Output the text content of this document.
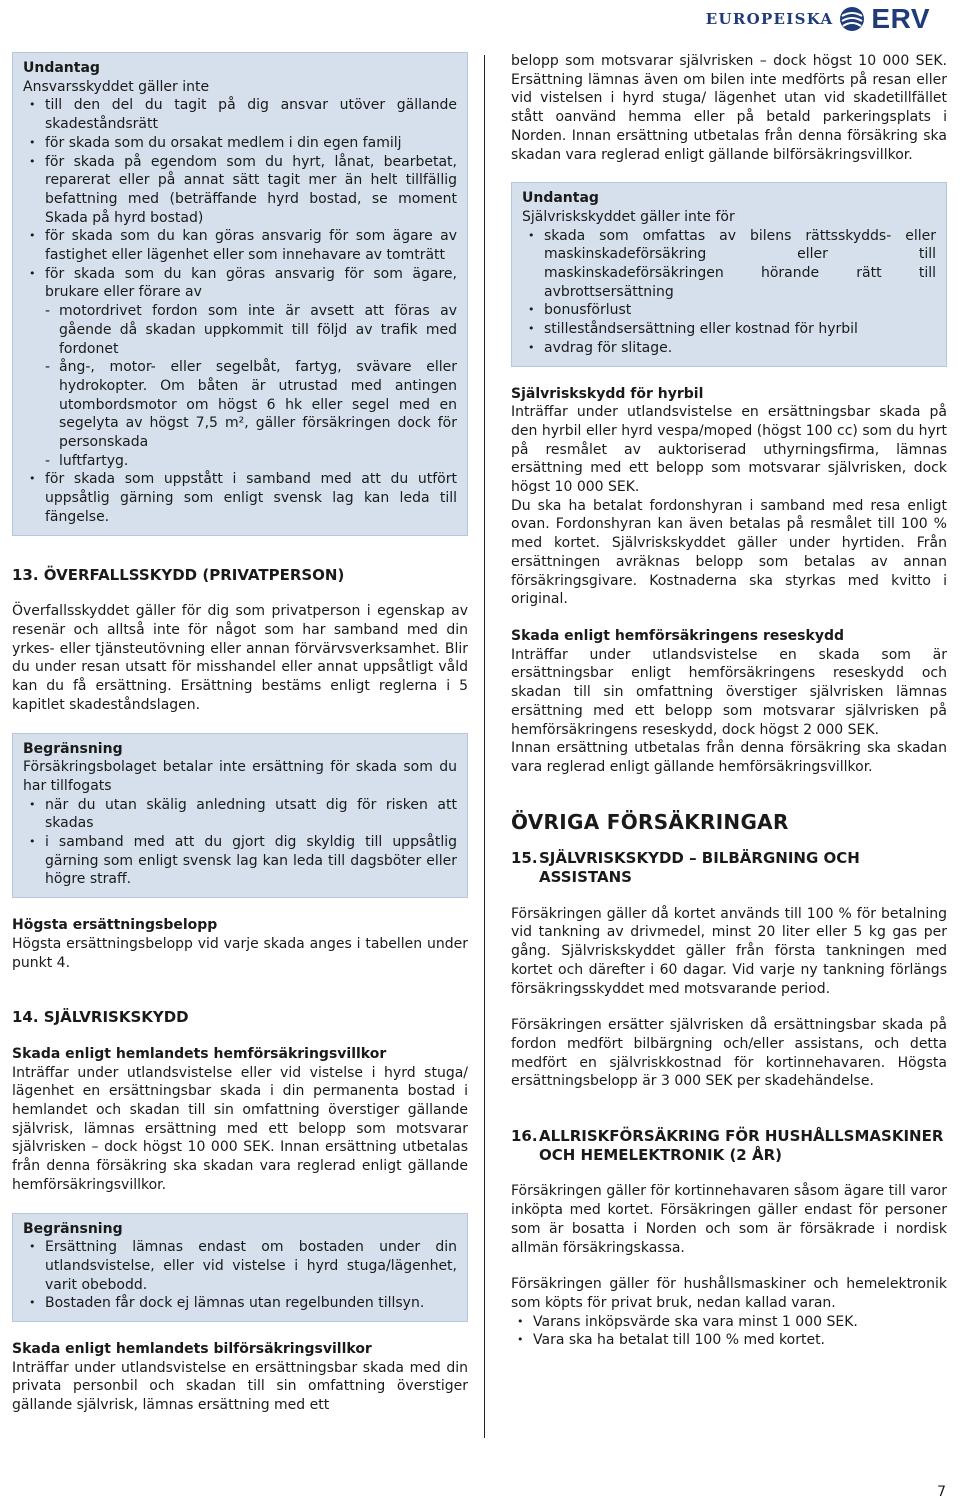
EUROPEISKA ERV
Undantag
Ansvarsskyddet gäller inte
• till den del du tagit på dig ansvar utöver gällande skadeståndsrätt
• för skada som du orsakat medlem i din egen familj
• för skada på egendom som du hyrt, lånat, bearbetat, reparerat eller på annat sätt tagit mer än helt tillfällig befattning med (beträffande hyrd bostad, se moment Skada på hyrd bostad)
• för skada som du kan göras ansvarig för som ägare av fastighet eller lägenhet eller som innehavare av tomträtt
• för skada som du kan göras ansvarig för som ägare, brukare eller förare av
- motordrivet fordon som inte är avsett att föras av gående då skadan uppkommit till följd av trafik med fordonet
- ång-, motor- eller segelbåt, fartyg, svävare eller hydrokopter. Om båten är utrustad med antingen utombordsmotor om högst 6 hk eller segel med en segelyta av högst 7,5 m², gäller försäkringen dock för personskada
- luftfartyg.
• för skada som uppstått i samband med att du utfört uppsåtlig gärning som enligt svensk lag kan leda till fängelse.
13. ÖVERFALLSSKYDD (PRIVATPERSON)

Överfallsskyddet gäller för dig som privatperson i egenskap av resenär och alltså inte för något som har samband med din yrkes- eller tjänsteutövning eller annan förvärvsverksamhet. Blir du under resan utsatt för misshandel eller annat uppsåtligt våld kan du få ersättning. Ersättning bestäms enligt reglerna i 5 kapitlet skadeståndslagen.

Begränsning
Försäkringsbolaget betalar inte ersättning för skada som du har tillfogats
• när du utan skälig anledning utsatt dig för risken att skadas
• i samband med att du gjort dig skyldig till uppsåtlig gärning som enligt svensk lag kan leda till dagsböter eller högre straff.
Högsta ersättningsbelopp

Högsta ersättningsbelopp vid varje skada anges i tabellen under punkt 4.

14. SJÄLVRISKSKYDD
Skada enligt hemlandets hemförsäkringsvillkor

Inträffar under utlandsvistelse eller vid vistelse i hyrd stuga/ lägenhet en ersättningsbar skada i din permanenta bostad i hemlandet och skadan till sin omfattning överstiger gällande självrisk, lämnas ersättning med ett belopp som motsvarar självrisken – dock högst 10 000 SEK. Innan ersättning utbetalas från denna försäkring ska skadan vara reglerad enligt gällande hemförsäkringsvillkor.

Begränsning
• Ersättning lämnas endast om bostaden under din utlandsvistelse, eller vid vistelse i hyrd stuga/lägenhet, varit obebodd.
• Bostaden får dock ej lämnas utan regelbunden tillsyn.
Skada enligt hemlandets bilförsäkringsvillkor

Inträffar under utlandsvistelse en ersättningsbar skada med din privata personbil och skadan till sin omfattning överstiger gällande självrisk, lämnas ersättning med ett

belopp som motsvarar självrisken – dock högst 10 000 SEK. Ersättning lämnas även om bilen inte medförts på resan eller vid vistelsen i hyrd stuga/ lägenhet utan vid skadetillfället stått oanvänd hemma eller på betald parkeringsplats i Norden. Innan ersättning utbetalas från denna försäkring ska skadan vara reglerad enligt gällande bilförsäkringsvillkor.

Undantag
Självriskskyddet gäller inte för
• skada som omfattas av bilens rättsskydds- eller maskinskadeförsäkring eller till maskinskadeförsäkringen hörande rätt till avbrottsersättning
• bonusförlust
• stilleståndsersättning eller kostnad för hyrbil
• avdrag för slitage.
Självriskskydd för hyrbil

Inträffar under utlandsvistelse en ersättningsbar skada på den hyrbil eller hyrd vespa/moped (högst 100 cc) som du hyrt på resmålet av auktoriserad uthyrningsfirma, lämnas ersättning med ett belopp som motsvarar självrisken, dock högst 10 000 SEK.

Du ska ha betalat fordonshyran i samband med resa enligt ovan. Fordonshyran kan även betalas på resmålet till 100 % med kortet. Självriskskyddet gäller under hyrtiden. Från ersättningen avräknas belopp som betalas av annan försäkringsgivare. Kostnaderna ska styrkas med kvitto i original.

Skada enligt hemförsäkringens reseskydd

Inträffar under utlandsvistelse en skada som är ersättningsbar enligt hemförsäkringens reseskydd och skadan till sin omfattning överstiger självrisken lämnas ersättning med ett belopp som motsvarar självrisken på hemförsäkringens reseskydd, dock högst 2 000 SEK.

Innan ersättning utbetalas från denna försäkring ska skadan vara reglerad enligt gällande hemförsäkringsvillkor.

ÖVRIGA FÖRSÄKRINGAR
15. SJÄLVRISKSKYDD – BILBÄRGNING OCH ASSISTANS

Försäkringen gäller då kortet används till 100 % för betalning vid tankning av drivmedel, minst 20 liter eller 5 kg gas per gång. Självriskskyddet gäller från första tankningen med kortet och därefter i 60 dagar. Vid varje ny tankning förlängs försäkringsskyddet med motsvarande period.

Försäkringen ersätter självrisken då ersättningsbar skada på fordon medfört bilbärgning och/eller assistans, och detta medfört en självriskkostnad för kortinnehavaren. Högsta ersättningsbelopp är 3 000 SEK per skadehändelse.

16. ALLRISKFÖRSÄKRING FÖR HUSHÅLLSMASKINER OCH HEMELEKTRONIK (2 ÅR)

Försäkringen gäller för kortinnehavaren såsom ägare till varor inköpta med kortet. Försäkringen gäller endast för personer som är bosatta i Norden och som är försäkrade i nordisk allmän försäkringskassa.

Försäkringen gäller för hushållsmaskiner och hemelektronik som köpts för privat bruk, nedan kallad varan.

• Varans inköpsvärde ska vara minst 1 000 SEK.
• Vara ska ha betalat till 100 % med kortet.
7
